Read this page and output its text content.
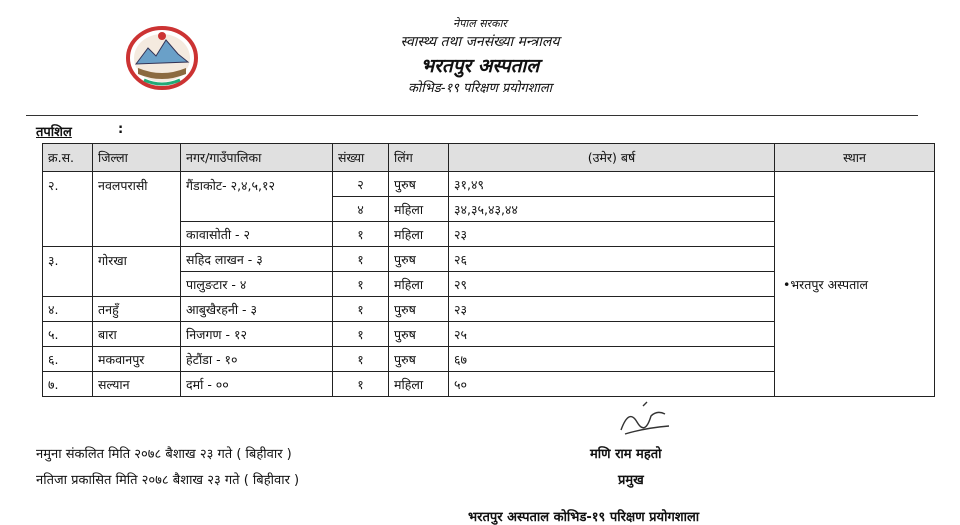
नेपाल सरकार
स्वास्थ्य तथा जनसंख्या मन्त्रालय
भरतपुर अस्पताल
कोभिड-१९ परिक्षण प्रयोगशाला
तपशिल	:
क्र.स.	जिल्ला	नगर/गाउँपालिका	संख्या	लिंग	(उमेर) बर्ष	स्थान
२.	नवलपरासी	गैंडाकोट- २,४,५,१२	२	पुरुष	३१,४९	•भरतपुर अस्पताल
			४	महिला	३४,३५,४३,४४	
		कावासोती - २	१	महिला	२३	
३.	गोरखा	सहिद लाखन - ३	१	पुरुष	२६	
		पालुङटार - ४	१	महिला	२९	
४.	तनहुँ	आबुखैरहनी - ३	१	पुरुष	२३	
५.	बारा	निजगण - १२	१	पुरुष	२५	
६.	मकवानपुर	हेटौंडा - १०	१	पुरुष	६७	
७.	सल्यान	दर्मा - ००	१	महिला	५०	
नमुना संकलित मिति २०७८ बैशाख २३ गते ( बिहीवार )
नतिजा प्रकासित मिति २०७८ बैशाख २३ गते ( बिहीवार )
मणि राम महतो
प्रमुख
भरतपुर अस्पताल कोभिड-१९ परिक्षण प्रयोगशाला
